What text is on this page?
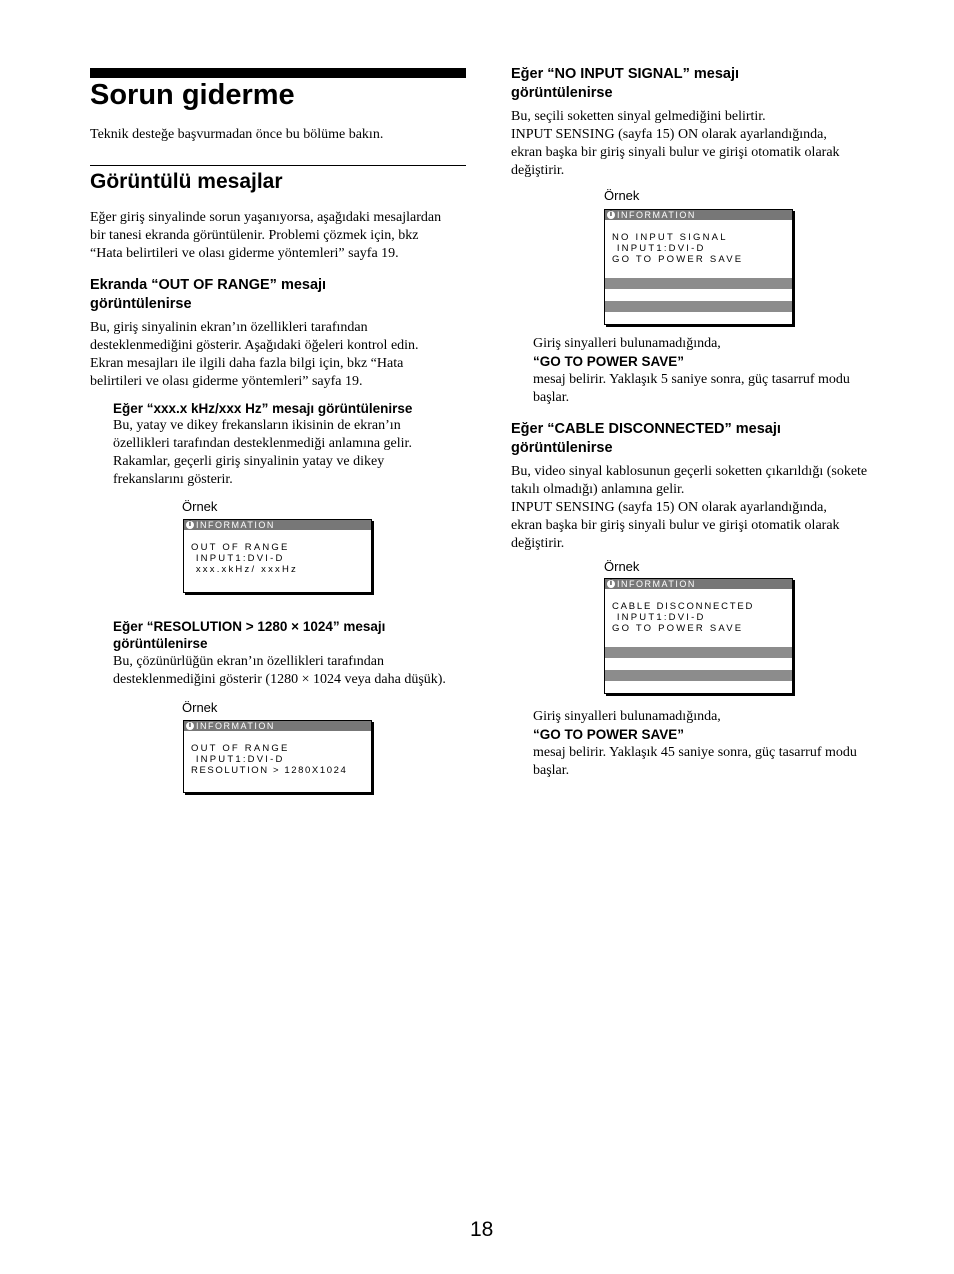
Sorun giderme
Teknik desteğe başvurmadan önce bu bölüme bakın.
Görüntülü mesajlar
Eğer giriş sinyalinde sorun yaşanıyorsa, aşağıdaki mesajlardan
bir tanesi ekranda görüntülenir. Problemi çözmek için, bkz
“Hata belirtileri ve olası giderme yöntemleri” sayfa 19.
Ekranda “OUT OF RANGE” mesajı
görüntülenirse
Bu, giriş sinyalinin ekran’ın özellikleri tarafından
desteklenmediğini gösterir. Aşağıdaki öğeleri kontrol edin.
Ekran mesajları ile ilgili daha fazla bilgi için, bkz “Hata
belirtileri ve olası giderme yöntemleri” sayfa 19.
Eğer “xxx.x kHz/xxx Hz” mesajı görüntülenirse
Bu, yatay ve dikey frekansların ikisinin de ekran’ın
özellikleri tarafından desteklenmediği anlamına gelir.
Rakamlar, geçerli giriş sinyalinin yatay ve dikey
frekanslarını gösterir.
Örnek
i INFORMATION
OUT OF RANGE
INPUT1:DVI-D
xxx.xkHz/ xxxHz
Eğer “RESOLUTION > 1280 × 1024” mesajı
görüntülenirse
Bu, çözünürlüğün ekran’ın özellikleri tarafından
desteklenmediğini gösterir (1280 × 1024 veya daha düşük).
Örnek
i INFORMATION
OUT OF RANGE
INPUT1:DVI-D
RESOLUTION > 1280X1024
Eğer “NO INPUT SIGNAL” mesajı
görüntülenirse
Bu, seçili soketten sinyal gelmediğini belirtir.
INPUT SENSING (sayfa 15) ON olarak ayarlandığında,
ekran başka bir giriş sinyali bulur ve girişi otomatik olarak
değiştirir.
Örnek
i INFORMATION
NO INPUT SIGNAL
INPUT1:DVI-D
GO TO POWER SAVE
Giriş sinyalleri bulunamadığında,
“GO TO POWER SAVE”
mesaj belirir. Yaklaşık 5 saniye sonra, güç tasarruf modu
başlar.
Eğer “CABLE DISCONNECTED” mesajı
görüntülenirse
Bu, video sinyal kablosunun geçerli soketten çıkarıldığı (sokete
takılı olmadığı) anlamına gelir.
INPUT SENSING (sayfa 15) ON olarak ayarlandığında,
ekran başka bir giriş sinyali bulur ve girişi otomatik olarak
değiştirir.
Örnek
i INFORMATION
CABLE DISCONNECTED
INPUT1:DVI-D
GO TO POWER SAVE
Giriş sinyalleri bulunamadığında,
“GO TO POWER SAVE”
mesaj belirir. Yaklaşık 45 saniye sonra, güç tasarruf modu
başlar.
18
